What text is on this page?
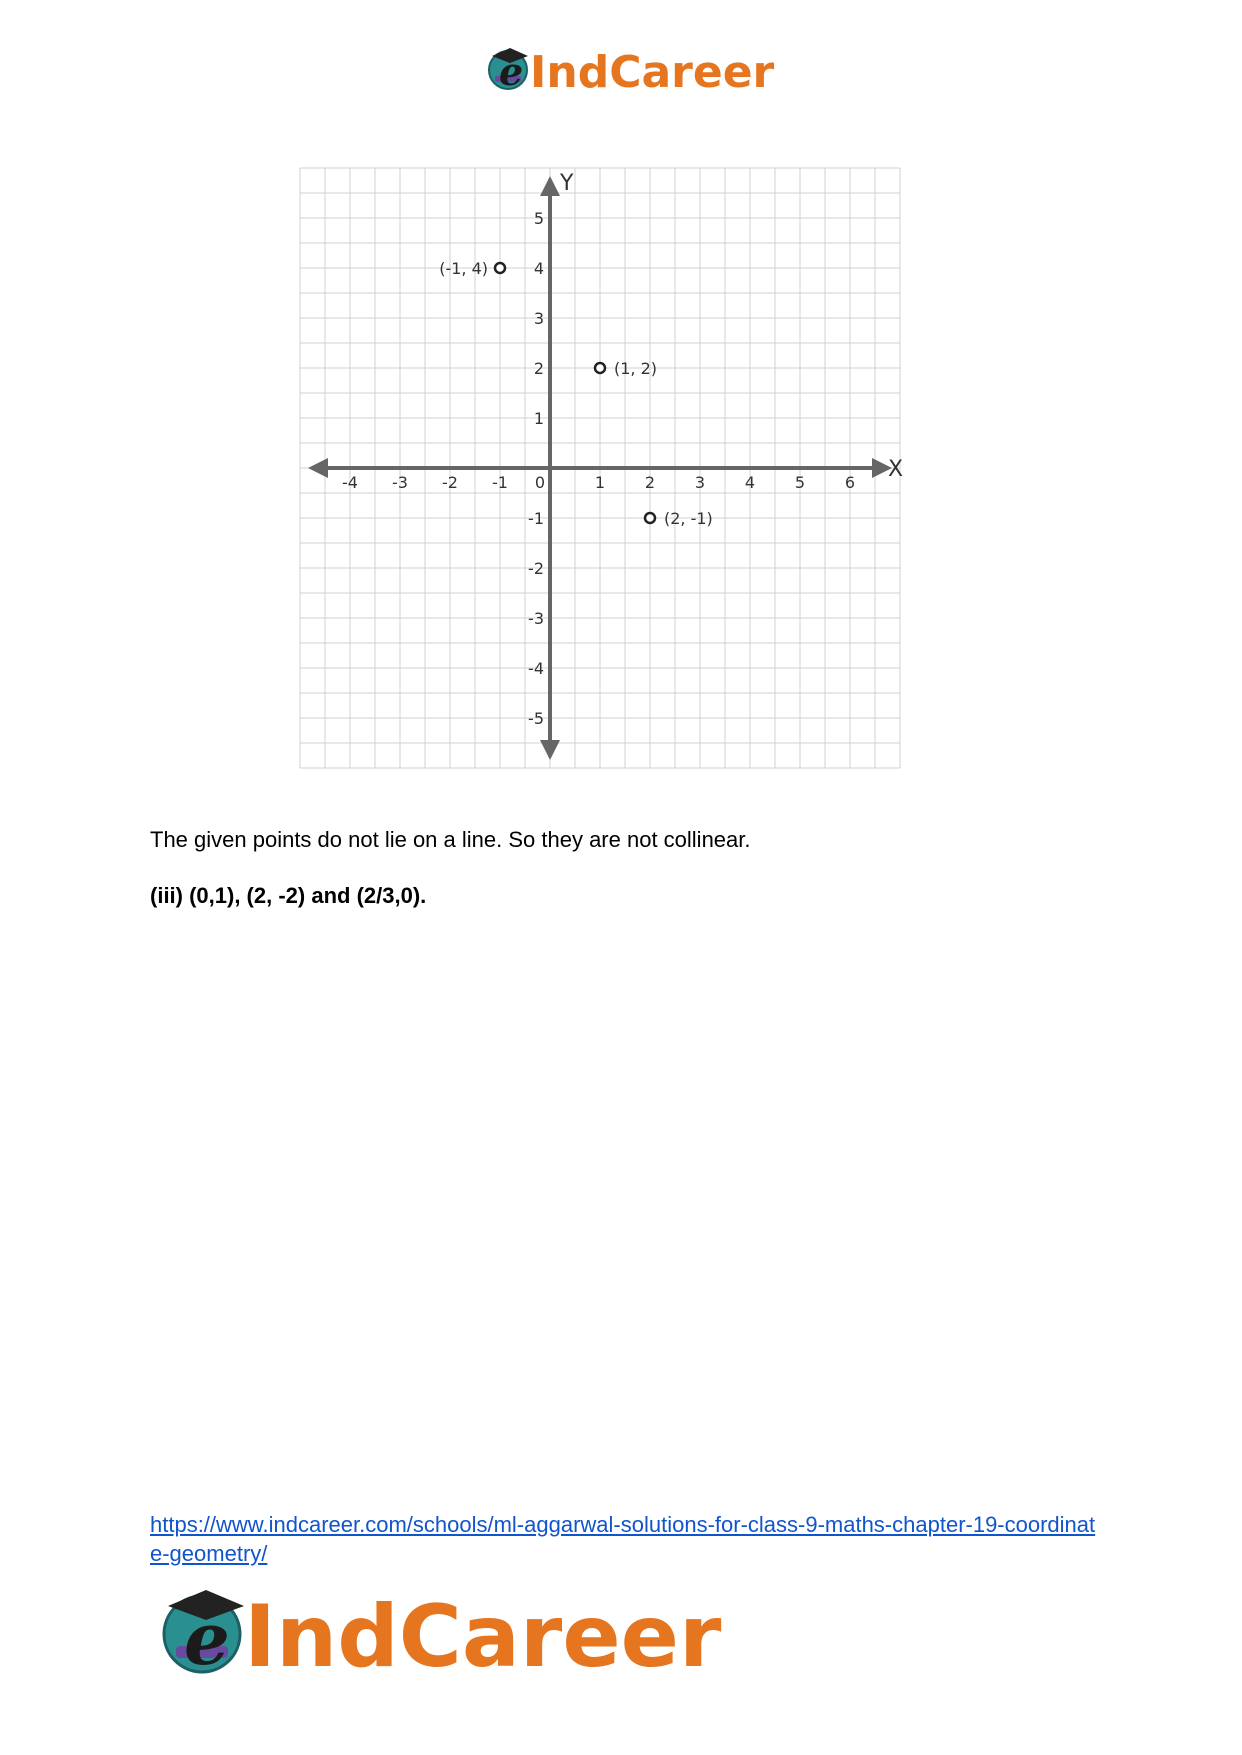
e IndCareer
X
Y
-4 -3 -2 -1 0	1 2 3 4 5 6
5
4
3
2
1
-1
-2
-3
-4
-5
(-1, 4)
(1, 2)
(2, -1)
The given points do not lie on a line. So they are not collinear.
(iii) (0,1), (2, -2) and (2/3,0).
https://www.indcareer.com/schools/ml-aggarwal-solutions-for-class-9-maths-chapter-19-coordinate-geometry/
e IndCareer
